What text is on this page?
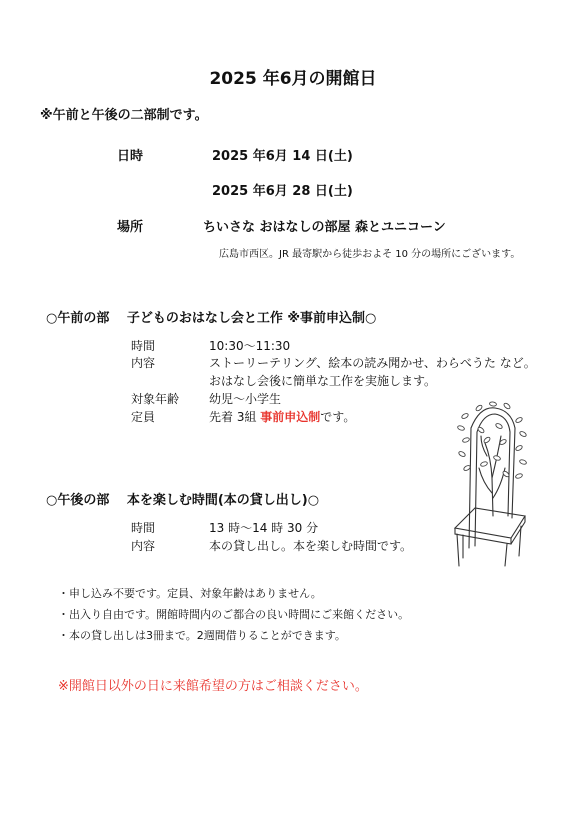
2025 年6月の開館日
※午前と午後の二部制です。
日時	2025 年6月 14 日(土)
2025 年6月 28 日(土)
場所	ちいさな おはなしの部屋 森とユニコーン
広島市西区。JR 最寄駅から徒歩およそ 10 分の場所にございます。
○午前の部　 子どものおはなし会と工作 ※事前申込制○
時間	10:30～11:30
内容	ストーリーテリング、絵本の読み聞かせ、わらべうた など。
おはなし会後に簡単な工作を実施します。
対象年齢 幼児～小学生
定員	先着 3組 事前申込制です。
○午後の部　 本を楽しむ時間(本の貸し出し)○
時間	13 時～14 時 30 分
内容	本の貸し出し。本を楽しむ時間です。
・申し込み不要です。定員、対象年齢はありません。
・出入り自由です。開館時間内のご都合の良い時間にご来館ください。
・本の貸し出しは3冊まで。2週間借りることができます。
※開館日以外の日に来館希望の方はご相談ください。
